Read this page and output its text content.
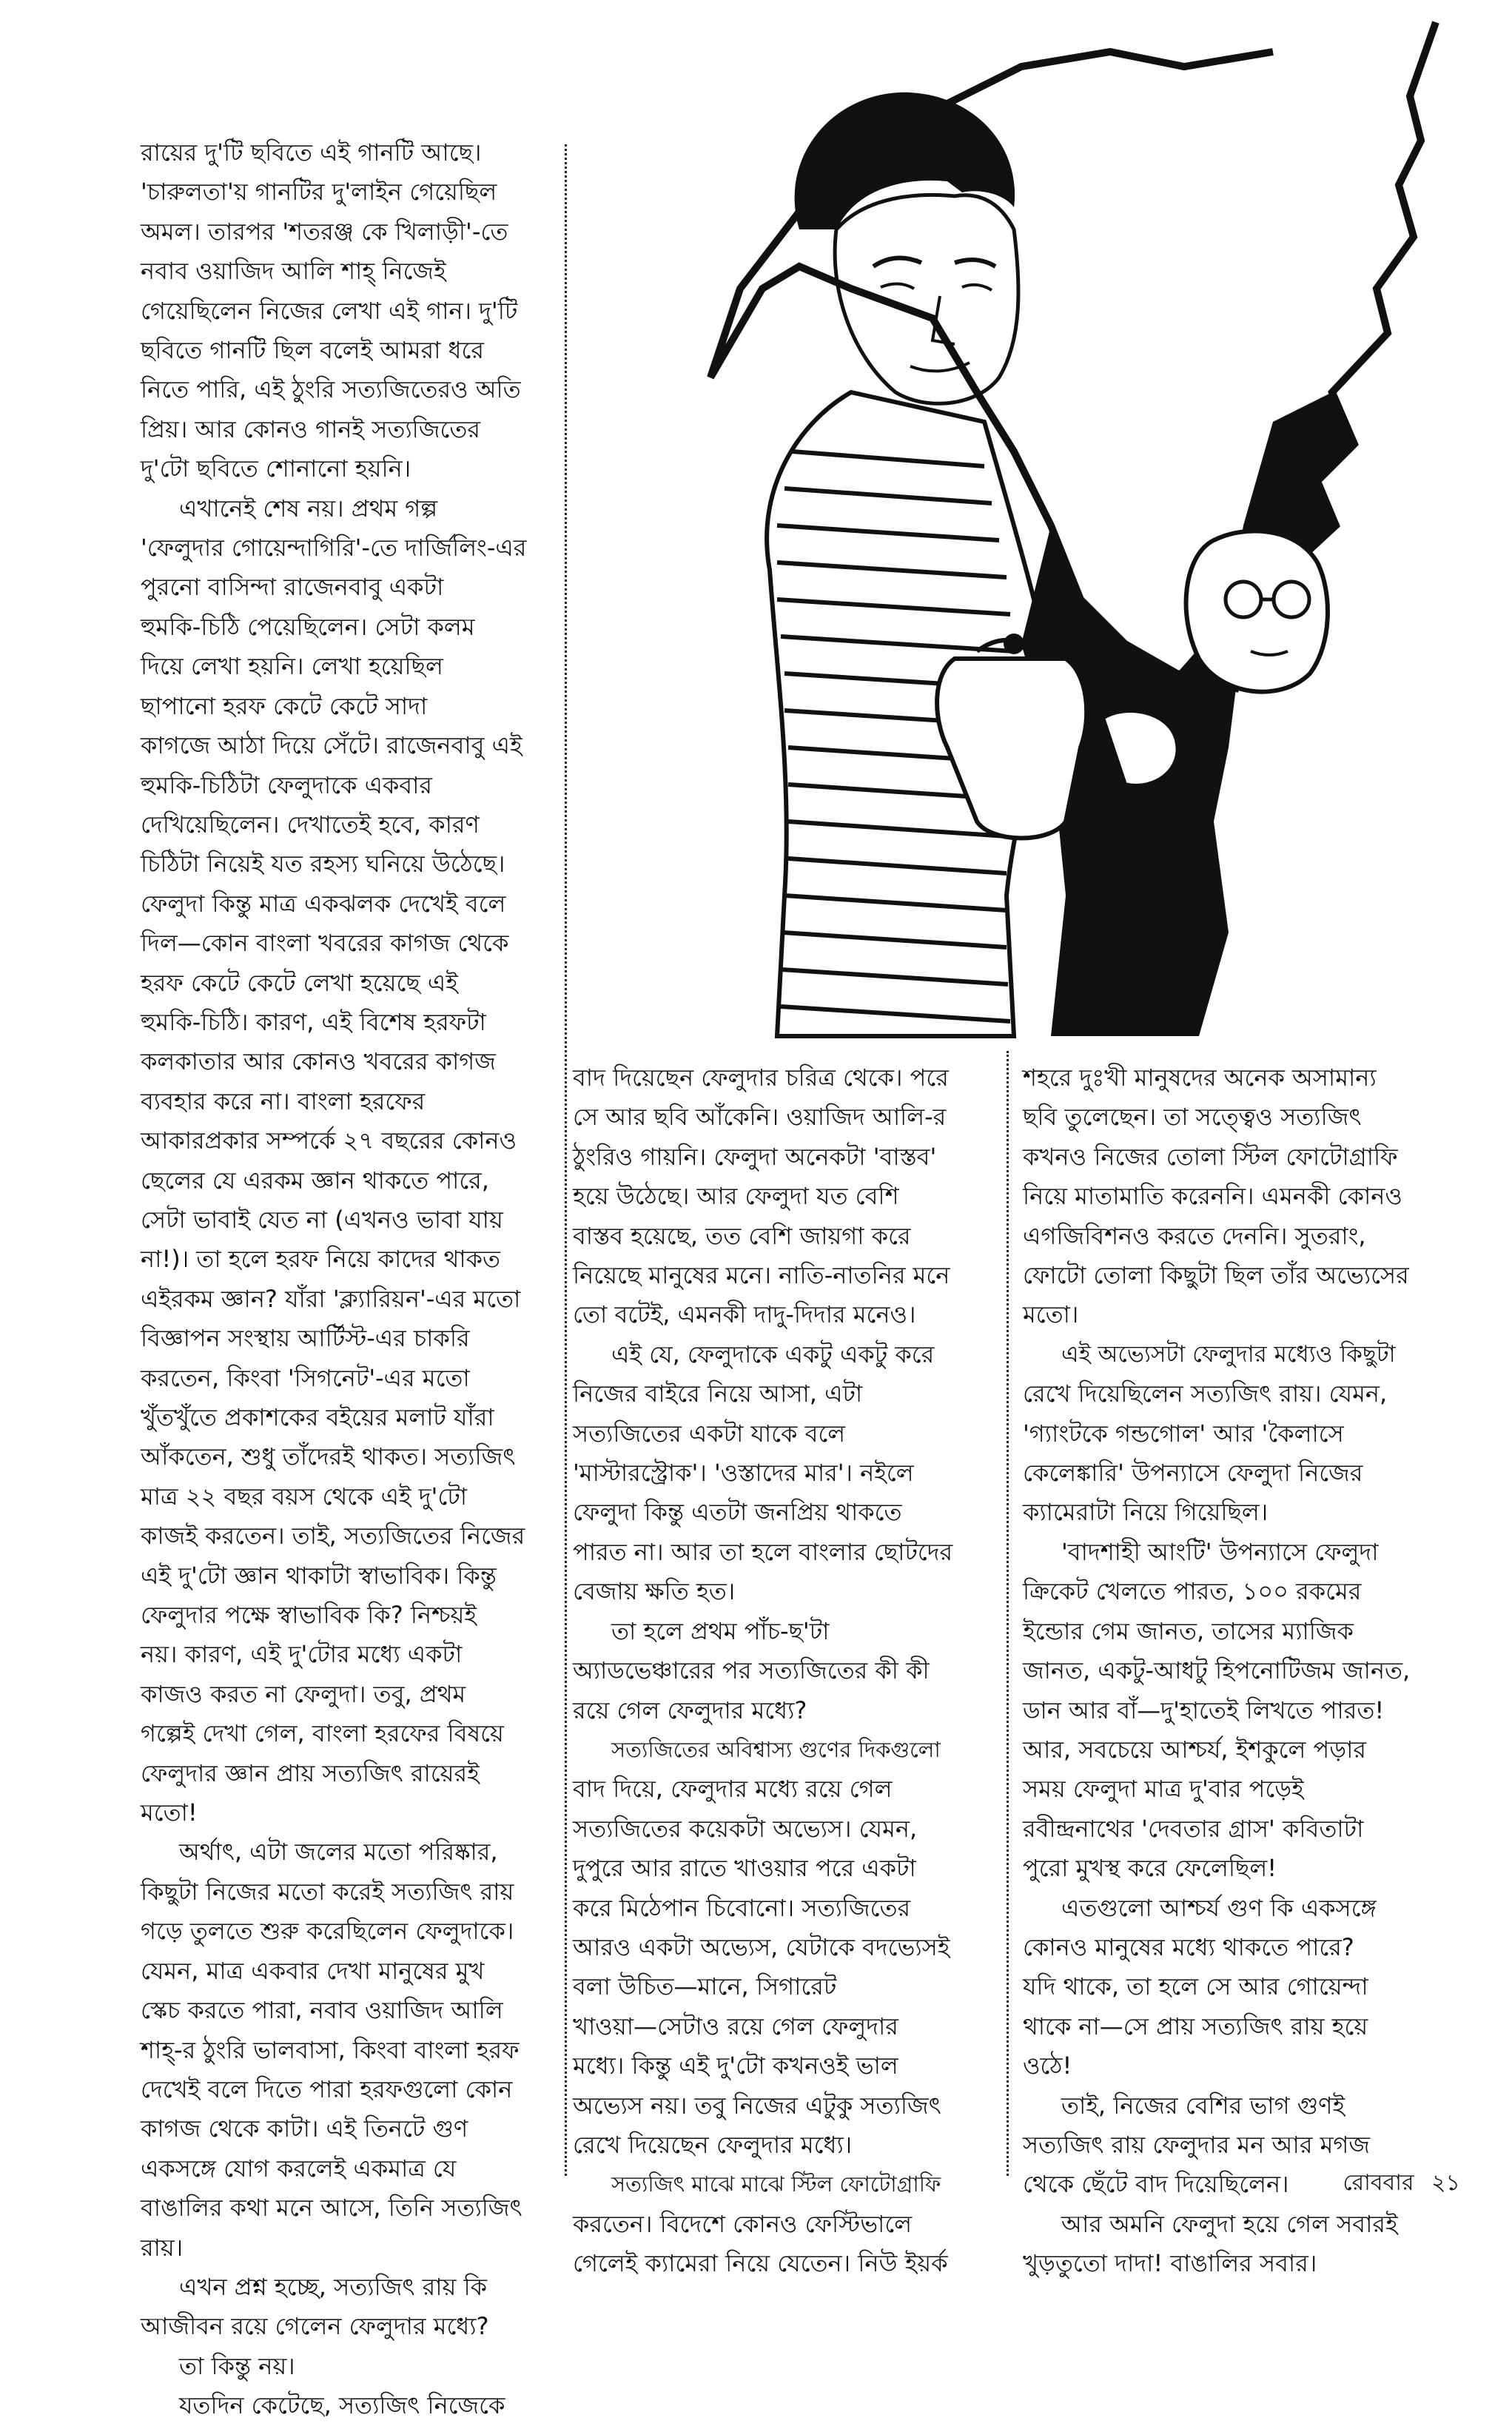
রায়ের দু'টি ছবিতে এই গানটি আছে।

'চারুলতা'য় গানটির দু'লাইন গেয়েছিল

অমল। তারপর 'শতরঞ্জ কে খিলাড়ী'-তে

নবাব ওয়াজিদ আলি শাহ্‌ নিজেই

গেয়েছিলেন নিজের লেখা এই গান। দু'টি

ছবিতে গানটি ছিল বলেই আমরা ধরে

নিতে পারি, এই ঠুংরি সত্যজিতেরও অতি

প্রিয়। আর কোনও গানই সত্যজিতের

দু'টো ছবিতে শোনানো হয়নি।

এখানেই শেষ নয়। প্রথম গল্প

'ফেলুদার গোয়েন্দাগিরি'-তে দার্জিলিং-এর

পুরনো বাসিন্দা রাজেনবাবু একটা

হুমকি-চিঠি পেয়েছিলেন। সেটা কলম

দিয়ে লেখা হয়নি। লেখা হয়েছিল

ছাপানো হরফ কেটে কেটে সাদা

কাগজে আঠা দিয়ে সেঁটে। রাজেনবাবু এই

হুমকি-চিঠিটা ফেলুদাকে একবার

দেখিয়েছিলেন। দেখাতেই হবে, কারণ

চিঠিটা নিয়েই যত রহস্য ঘনিয়ে উঠেছে।

ফেলুদা কিন্তু মাত্র একঝলক দেখেই বলে

দিল—কোন বাংলা খবরের কাগজ থেকে

হরফ কেটে কেটে লেখা হয়েছে এই

হুমকি-চিঠি। কারণ, এই বিশেষ হরফটা

কলকাতার আর কোনও খবরের কাগজ

ব্যবহার করে না। বাংলা হরফের

আকারপ্রকার সম্পর্কে ২৭ বছরের কোনও

ছেলের যে এরকম জ্ঞান থাকতে পারে,

সেটা ভাবাই যেত না (এখনও ভাবা যায়

না!)। তা হলে হরফ নিয়ে কাদের থাকত

এইরকম জ্ঞান? যাঁরা 'ক্ল্যারিয়ন'-এর মতো

বিজ্ঞাপন সংস্থায় আর্টিস্ট-এর চাকরি

করতেন, কিংবা 'সিগনেট'-এর মতো

খুঁতখুঁতে প্রকাশকের বইয়ের মলাট যাঁরা

আঁকতেন, শুধু তাঁদেরই থাকত। সত্যজিৎ

মাত্র ২২ বছর বয়স থেকে এই দু'টো

কাজই করতেন। তাই, সত্যজিতের নিজের

এই দু'টো জ্ঞান থাকাটা স্বাভাবিক। কিন্তু

ফেলুদার পক্ষে স্বাভাবিক কি? নিশ্চয়ই

নয়। কারণ, এই দু'টোর মধ্যে একটা

কাজও করত না ফেলুদা। তবু, প্রথম

গল্পেই দেখা গেল, বাংলা হরফের বিষয়ে

ফেলুদার জ্ঞান প্রায় সত্যজিৎ রায়েরই

মতো!

অর্থাৎ, এটা জলের মতো পরিষ্কার,

কিছুটা নিজের মতো করেই সত্যজিৎ রায়

গড়ে তুলতে শুরু করেছিলেন ফেলুদাকে।

যেমন, মাত্র একবার দেখা মানুষের মুখ

স্কেচ করতে পারা, নবাব ওয়াজিদ আলি

শাহ্‌-র ঠুংরি ভালবাসা, কিংবা বাংলা হরফ

দেখেই বলে দিতে পারা হরফগুলো কোন

কাগজ থেকে কাটা। এই তিনটে গুণ

একসঙ্গে যোগ করলেই একমাত্র যে

বাঙালির কথা মনে আসে, তিনি সত্যজিৎ

রায়।

এখন প্রশ্ন হচ্ছে, সত্যজিৎ রায় কি

আজীবন রয়ে গেলেন ফেলুদার মধ্যে?

তা কিন্তু নয়।

যতদিন কেটেছে, সত্যজিৎ নিজেকে

বাদ দিয়েছেন ফেলুদার চরিত্র থেকে। পরে

সে আর ছবি আঁকেনি। ওয়াজিদ আলি-র

ঠুংরিও গায়নি। ফেলুদা অনেকটা 'বাস্তব'

হয়ে উঠেছে। আর ফেলুদা যত বেশি

বাস্তব হয়েছে, তত বেশি জায়গা করে

নিয়েছে মানুষের মনে। নাতি-নাতনির মনে

তো বটেই, এমনকী দাদু-দিদার মনেও।

এই যে, ফেলুদাকে একটু একটু করে

নিজের বাইরে নিয়ে আসা, এটা

সত্যজিতের একটা যাকে বলে

'মাস্টারস্ট্রোক'। 'ওস্তাদের মার'। নইলে

ফেলুদা কিন্তু এতটা জনপ্রিয় থাকতে

পারত না। আর তা হলে বাংলার ছোটদের

বেজায় ক্ষতি হত।

তা হলে প্রথম পাঁচ-ছ'টা

অ্যাডভেঞ্চারের পর সত্যজিতের কী কী

রয়ে গেল ফেলুদার মধ্যে?

সত্যজিতের অবিশ্বাস্য গুণের দিকগুলো

বাদ দিয়ে, ফেলুদার মধ্যে রয়ে গেল

সত্যজিতের কয়েকটা অভ্যেস। যেমন,

দুপুরে আর রাতে খাওয়ার পরে একটা

করে মিঠেপান চিবোনো। সত্যজিতের

আরও একটা অভ্যেস, যেটাকে বদভ্যেসই

বলা উচিত—মানে, সিগারেট

খাওয়া—সেটাও রয়ে গেল ফেলুদার

মধ্যে। কিন্তু এই দু'টো কখনওই ভাল

অভ্যেস নয়। তবু নিজের এটুকু সত্যজিৎ

রেখে দিয়েছেন ফেলুদার মধ্যে।

সত্যজিৎ মাঝে মাঝে স্টিল ফোটোগ্রাফি

করতেন। বিদেশে কোনও ফেস্টিভালে

গেলেই ক্যামেরা নিয়ে যেতেন। নিউ ইয়র্ক

শহরে দুঃখী মানুষদের অনেক অসামান্য

ছবি তুলেছেন। তা সত্ত্বেও সত্যজিৎ

কখনও নিজের তোলা স্টিল ফোটোগ্রাফি

নিয়ে মাতামাতি করেননি। এমনকী কোনও

এগজিবিশনও করতে দেননি। সুতরাং,

ফোটো তোলা কিছুটা ছিল তাঁর অভ্যেসের

মতো।

এই অভ্যেসটা ফেলুদার মধ্যেও কিছুটা

রেখে দিয়েছিলেন সত্যজিৎ রায়। যেমন,

'গ্যাংটকে গন্ডগোল' আর 'কৈলাসে

কেলেঙ্কারি' উপন্যাসে ফেলুদা নিজের

ক্যামেরাটা নিয়ে গিয়েছিল।

'বাদশাহী আংটি' উপন্যাসে ফেলুদা

ক্রিকেট খেলতে পারত, ১০০ রকমের

ইন্ডোর গেম জানত, তাসের ম্যাজিক

জানত, একটু-আধটু হিপনোটিজম জানত,

ডান আর বাঁ—দু'হাতেই লিখতে পারত!

আর, সবচেয়ে আশ্চর্য, ইশকুলে পড়ার

সময় ফেলুদা মাত্র দু'বার পড়েই

রবীন্দ্রনাথের 'দেবতার গ্রাস' কবিতাটা

পুরো মুখস্থ করে ফেলেছিল!

এতগুলো আশ্চর্য গুণ কি একসঙ্গে

কোনও মানুষের মধ্যে থাকতে পারে?

যদি থাকে, তা হলে সে আর গোয়েন্দা

থাকে না—সে প্রায় সত্যজিৎ রায় হয়ে

ওঠে!

তাই, নিজের বেশির ভাগ গুণই

সত্যজিৎ রায় ফেলুদার মন আর মগজ

থেকে ছেঁটে বাদ দিয়েছিলেন।

আর অমনি ফেলুদা হয়ে গেল সবারই

খুড়তুতো দাদা! বাঙালির সবার।

সত্যজিৎ রায়
রোববার ২১
